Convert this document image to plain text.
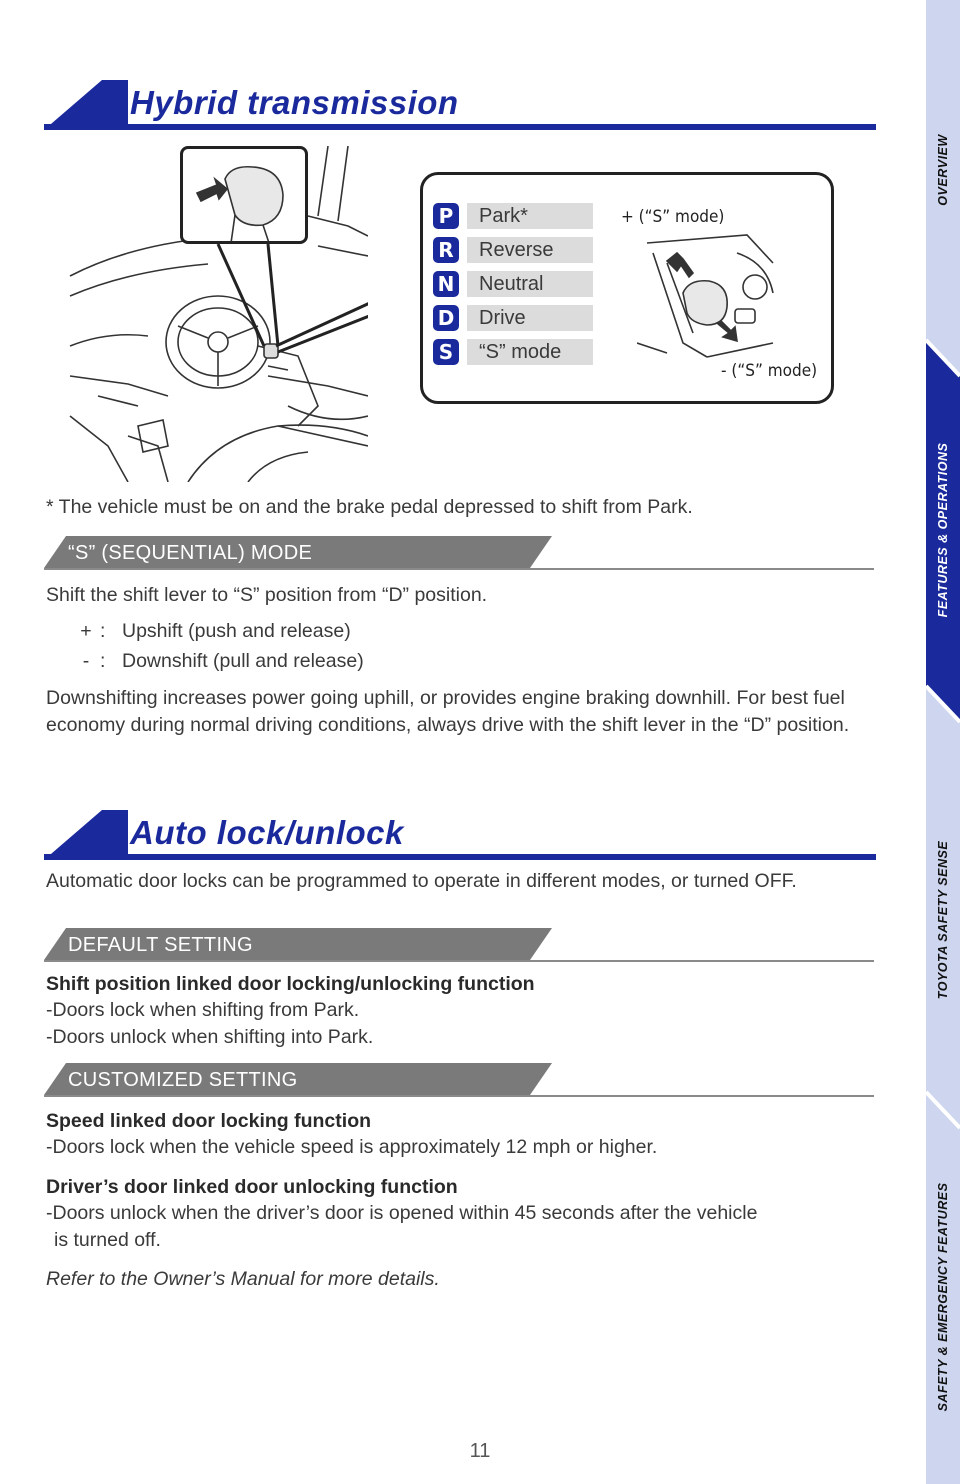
Hybrid transmission
P	Park*
R	Reverse
N	Neutral
D	Drive
S	“S” mode
+ (“S” mode)
- (“S” mode)
* The vehicle must be on and the brake pedal depressed to shift from Park.
“S” (SEQUENTIAL) MODE
Shift the shift lever to “S” position from “D” position.
+ : Upshift (push and release)
- : Downshift (pull and release)
Downshifting increases power going uphill, or provides engine braking downhill. For best fuel economy during normal driving conditions, always drive with the shift lever in the “D” position.
Auto lock/unlock
Automatic door locks can be programmed to operate in different modes, or turned OFF.
DEFAULT SETTING
Shift position linked door locking/unlocking function
-Doors lock when shifting from Park.
-Doors unlock when shifting into Park.
CUSTOMIZED SETTING
Speed linked door locking function
-Doors lock when the vehicle speed is approximately 12 mph or higher.
Driver’s door linked door unlocking function
-Doors unlock when the driver’s door is opened within 45 seconds after the vehicle
is turned off.
Refer to the Owner’s Manual for more details.
OVERVIEW
FEATURES & OPERATIONS
TOYOTA SAFETY SENSE
SAFETY & EMERGENCY FEATURES
11
